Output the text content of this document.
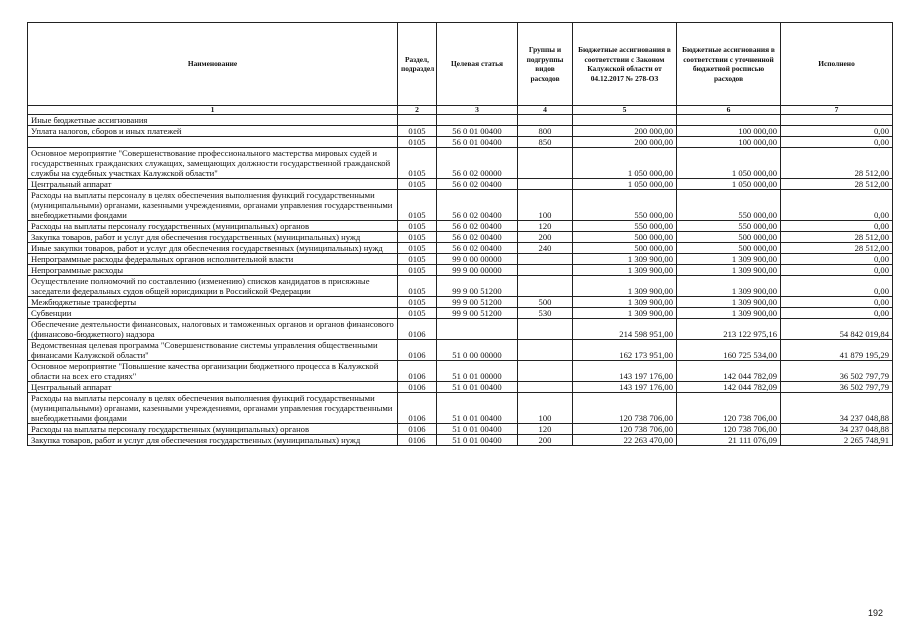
Наименование	Раздел, подраздел	Целевая статья	Группы и подгруппы видов расходов	Бюджетные ассигнования в соответствии с Законом Калужской области от 04.12.2017 № 278-ОЗ	Бюджетные ассигнования в соответствии с уточненной бюджетной росписью расходов	Исполнено
1	2	3	4	5	6	7
Иные бюджетные ассигнования						
Уплата налогов, сборов и иных платежей	0105	56 0 01 00400	800	200 000,00	100 000,00	0,00
	0105	56 0 01 00400	850	200 000,00	100 000,00	0,00
Основное мероприятие "Совершенствование профессионального мастерства мировых судей и государственных гражданских служащих, замещающих должности государственной гражданской службы на судебных участках Калужской области"	0105	56 0 02 00000		1 050 000,00	1 050 000,00	28 512,00
Центральный аппарат	0105	56 0 02 00400		1 050 000,00	1 050 000,00	28 512,00
Расходы на выплаты персоналу в целях обеспечения выполнения функций государственными (муниципальными) органами, казенными учреждениями, органами управления государственными внебюджетными фондами	0105	56 0 02 00400	100	550 000,00	550 000,00	0,00
Расходы на выплаты персоналу государственных (муниципальных) органов	0105	56 0 02 00400	120	550 000,00	550 000,00	0,00
Закупка товаров, работ и услуг для обеспечения государственных (муниципальных) нужд	0105	56 0 02 00400	200	500 000,00	500 000,00	28 512,00
Иные закупки товаров, работ и услуг для обеспечения государственных (муниципальных) нужд	0105	56 0 02 00400	240	500 000,00	500 000,00	28 512,00
Непрограммные расходы федеральных органов исполнительной власти	0105	99 0 00 00000		1 309 900,00	1 309 900,00	0,00
Непрограммные расходы	0105	99 9 00 00000		1 309 900,00	1 309 900,00	0,00
Осуществление полномочий по составлению (изменению) списков кандидатов в присяжные заседатели федеральных судов общей юрисдикции в Российской Федерации	0105	99 9 00 51200		1 309 900,00	1 309 900,00	0,00
Межбюджетные трансферты	0105	99 9 00 51200	500	1 309 900,00	1 309 900,00	0,00
Субвенции	0105	99 9 00 51200	530	1 309 900,00	1 309 900,00	0,00
Обеспечение деятельности финансовых, налоговых и таможенных органов и органов финансового (финансово-бюджетного) надзора	0106			214 598 951,00	213 122 975,16	54 842 019,84
Ведомственная целевая программа "Совершенствование системы управления общественными финансами Калужской области"	0106	51 0 00 00000		162 173 951,00	160 725 534,00	41 879 195,29
Основное мероприятие "Повышение качества организации бюджетного процесса в Калужской области на всех его стадиях"	0106	51 0 01 00000		143 197 176,00	142 044 782,09	36 502 797,79
Центральный аппарат	0106	51 0 01 00400		143 197 176,00	142 044 782,09	36 502 797,79
Расходы на выплаты персоналу в целях обеспечения выполнения функций государственными (муниципальными) органами, казенными учреждениями, органами управления государственными внебюджетными фондами	0106	51 0 01 00400	100	120 738 706,00	120 738 706,00	34 237 048,88
Расходы на выплаты персоналу государственных (муниципальных) органов	0106	51 0 01 00400	120	120 738 706,00	120 738 706,00	34 237 048,88
Закупка товаров, работ и услуг для обеспечения государственных (муниципальных) нужд	0106	51 0 01 00400	200	22 263 470,00	21 111 076,09	2 265 748,91
192
